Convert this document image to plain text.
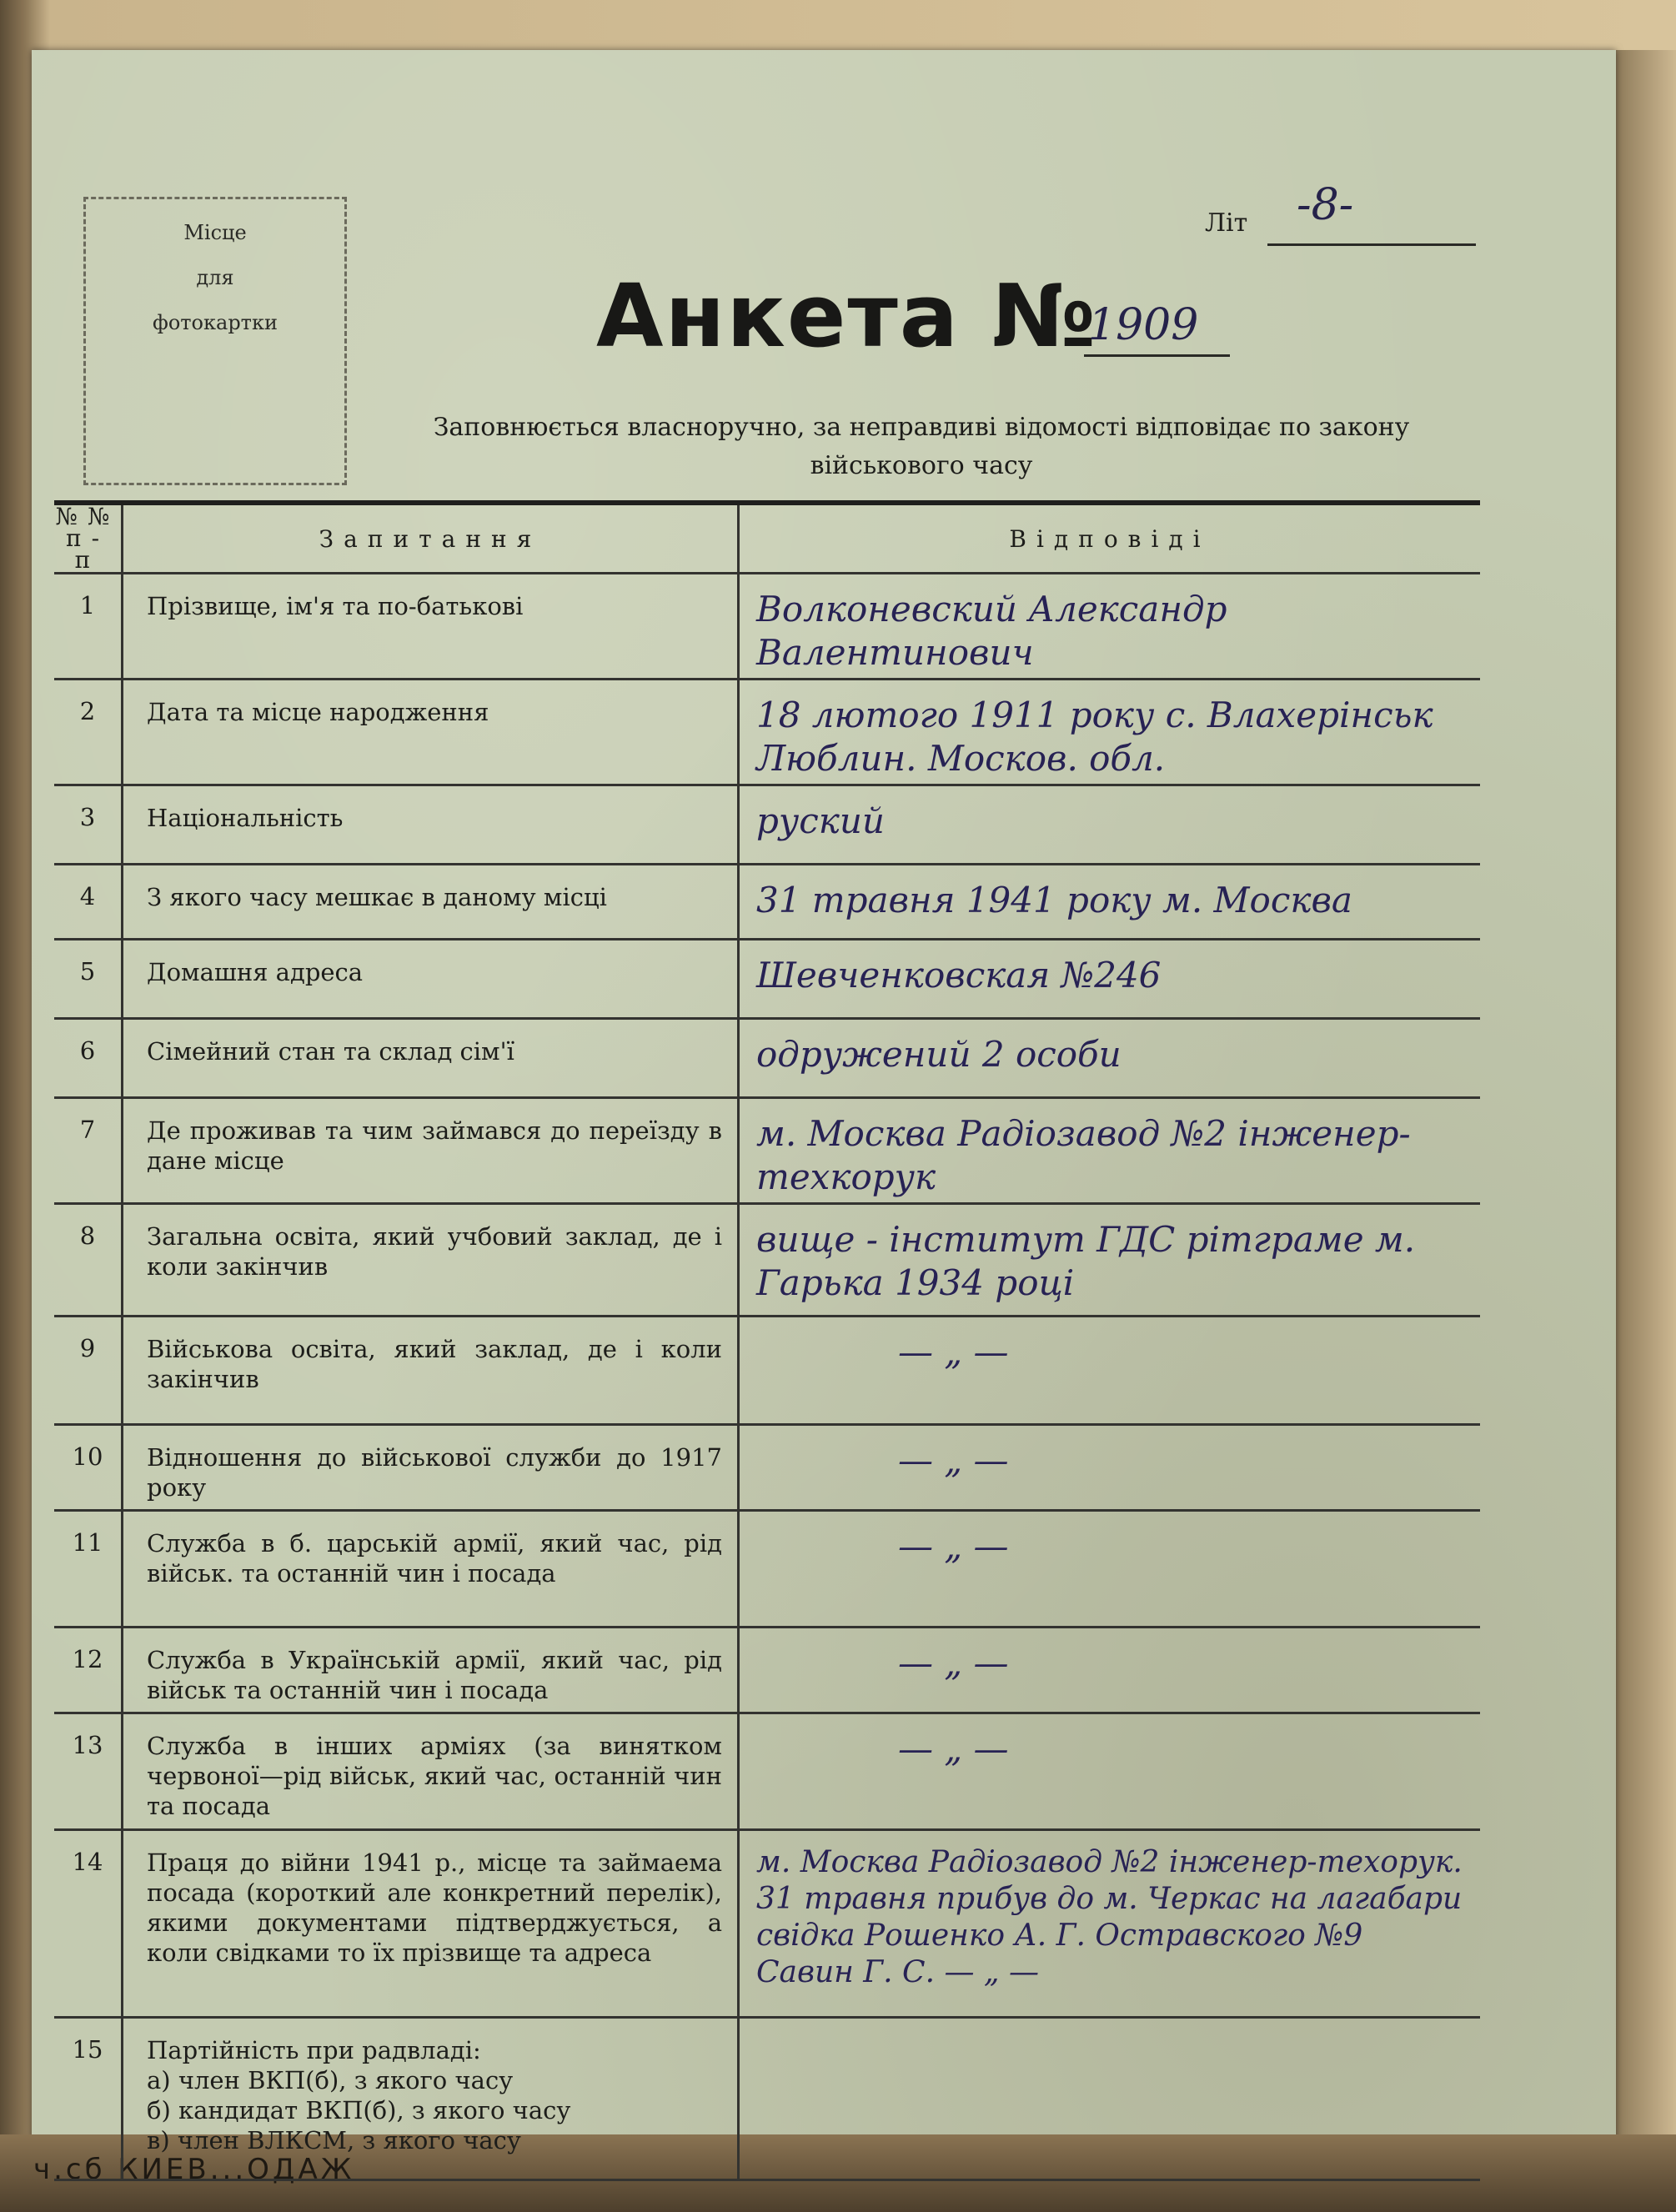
ч.сб КИЕВ...ОДАЖ
Місце
для
фотокартки
Літ -8-
Анкета №
1909
Заповнюється власноручно, за неправдиві відомості відповідає по закону
військового часу
№№ п-п	Запитання	Відповіді
1	Прізвище, ім'я та по-батькові	Волконевский Александр Валентинович
2	Дата та місце народження	18 лютого 1911 року с. Влахерінськ Люблин. Москов. обл.
3	Національність	руский
4	З якого часу мешкає в даному місці	31 травня 1941 року м. Москва
5	Домашня адреса	Шевченковская №246
6	Сімейний стан та склад сім'ї	одружений 2 особи
7	Де проживав та чим займався до переїзду в дане місце	м. Москва Радіозавод №2 інженер-техкорук
8	Загальна освіта, який учбовий заклад, де і коли закінчив	вище - інститут ГДС рітграме м. Гарька 1934 році
9	Військова освіта, який заклад, де і коли закінчив	— „ —
10	Відношення до військової служби до 1917 року	— „ —
11	Служба в б. царській армії, який час, рід військ. та останній чин і посада	— „ —
12	Служба в Українській армії, який час, рід військ та останній чин і посада	— „ —
13	Служба в інших арміях (за винятком червоної—рід військ, який час, останній чин та посада	— „ —
14	Праця до війни 1941 р., місце та займаема посада (короткий але конкретний перелік), якими документами підтверджується, а коли свідками то їх прізвище та адреса	м. Москва Радіозавод №2 інженер-техорук. 31 травня прибув до м. Черкас на лагабари свідка Рошенко А. Г. Остравского №9 Савин Г. С. — „ —
15	Партійність при радвладі:
а) член ВКП(б), з якого часу
б) кандидат ВКП(б), з якого часу
в) член ВЛКСМ, з якого часу	
